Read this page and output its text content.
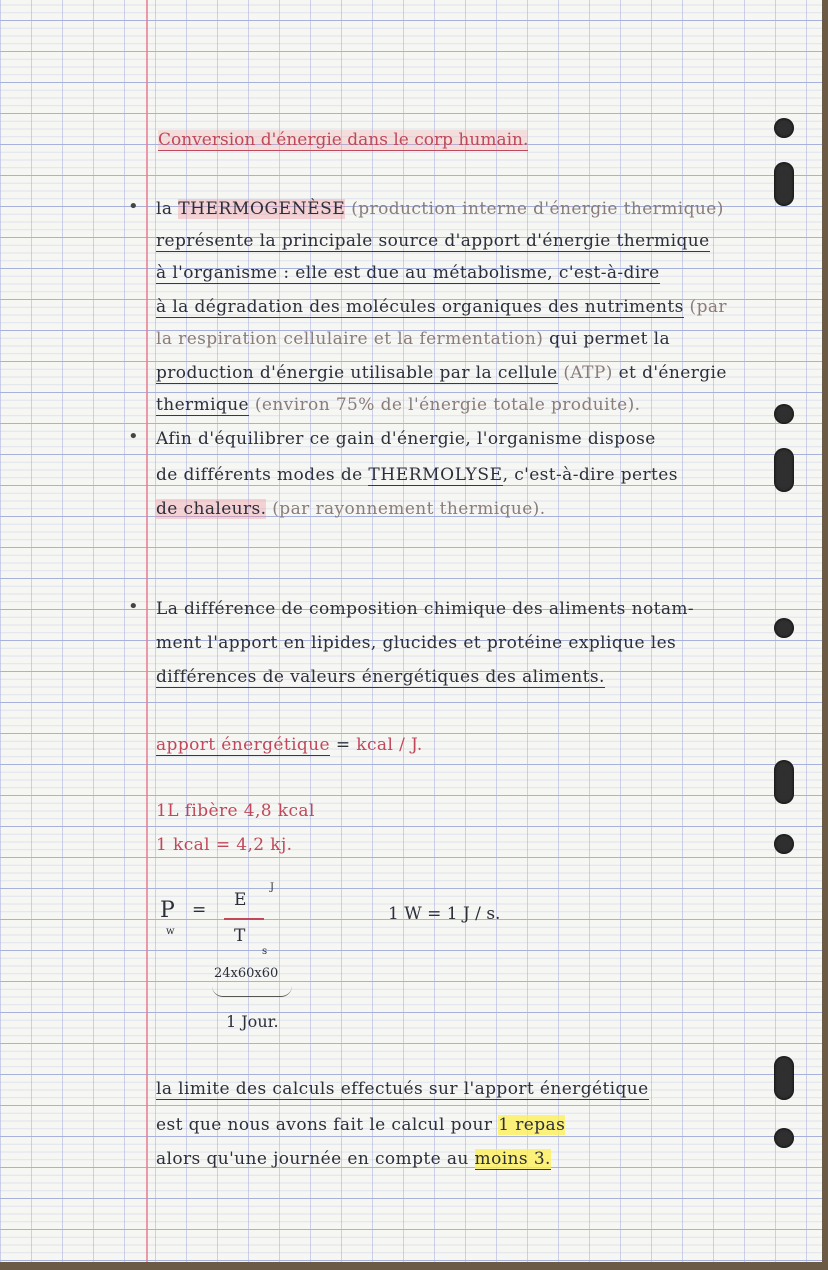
Conversion d'énergie dans le corp humain.
• la THERMOGENÈSE (production interne d'énergie thermique)
représente la principale source d'apport d'énergie thermique
à l'organisme : elle est due au métabolisme, c'est-à-dire
à la dégradation des molécules organiques des nutriments (par
la respiration cellulaire et la fermentation) qui permet la
production d'énergie utilisable par la cellule (ATP) et d'énergie
thermique (environ 75% de l'énergie totale produite).
• Afin d'équilibrer ce gain d'énergie, l'organisme dispose
de différents modes de THERMOLYSE, c'est-à-dire pertes
de chaleurs. (par rayonnement thermique).
• La différence de composition chimique des aliments notam-
ment l'apport en lipides, glucides et protéine explique les
différences de valeurs énergétiques des aliments.
apport énergétique = kcal / J.
1L fibère 4,8 kcal
1 kcal = 4,2 kj.
P
w
= E
J
T
s
24x60x60
1 Jour.
1 W = 1 J / s.
la limite des calculs effectués sur l'apport énergétique
est que nous avons fait le calcul pour 1 repas
alors qu'une journée en compte au moins 3.
